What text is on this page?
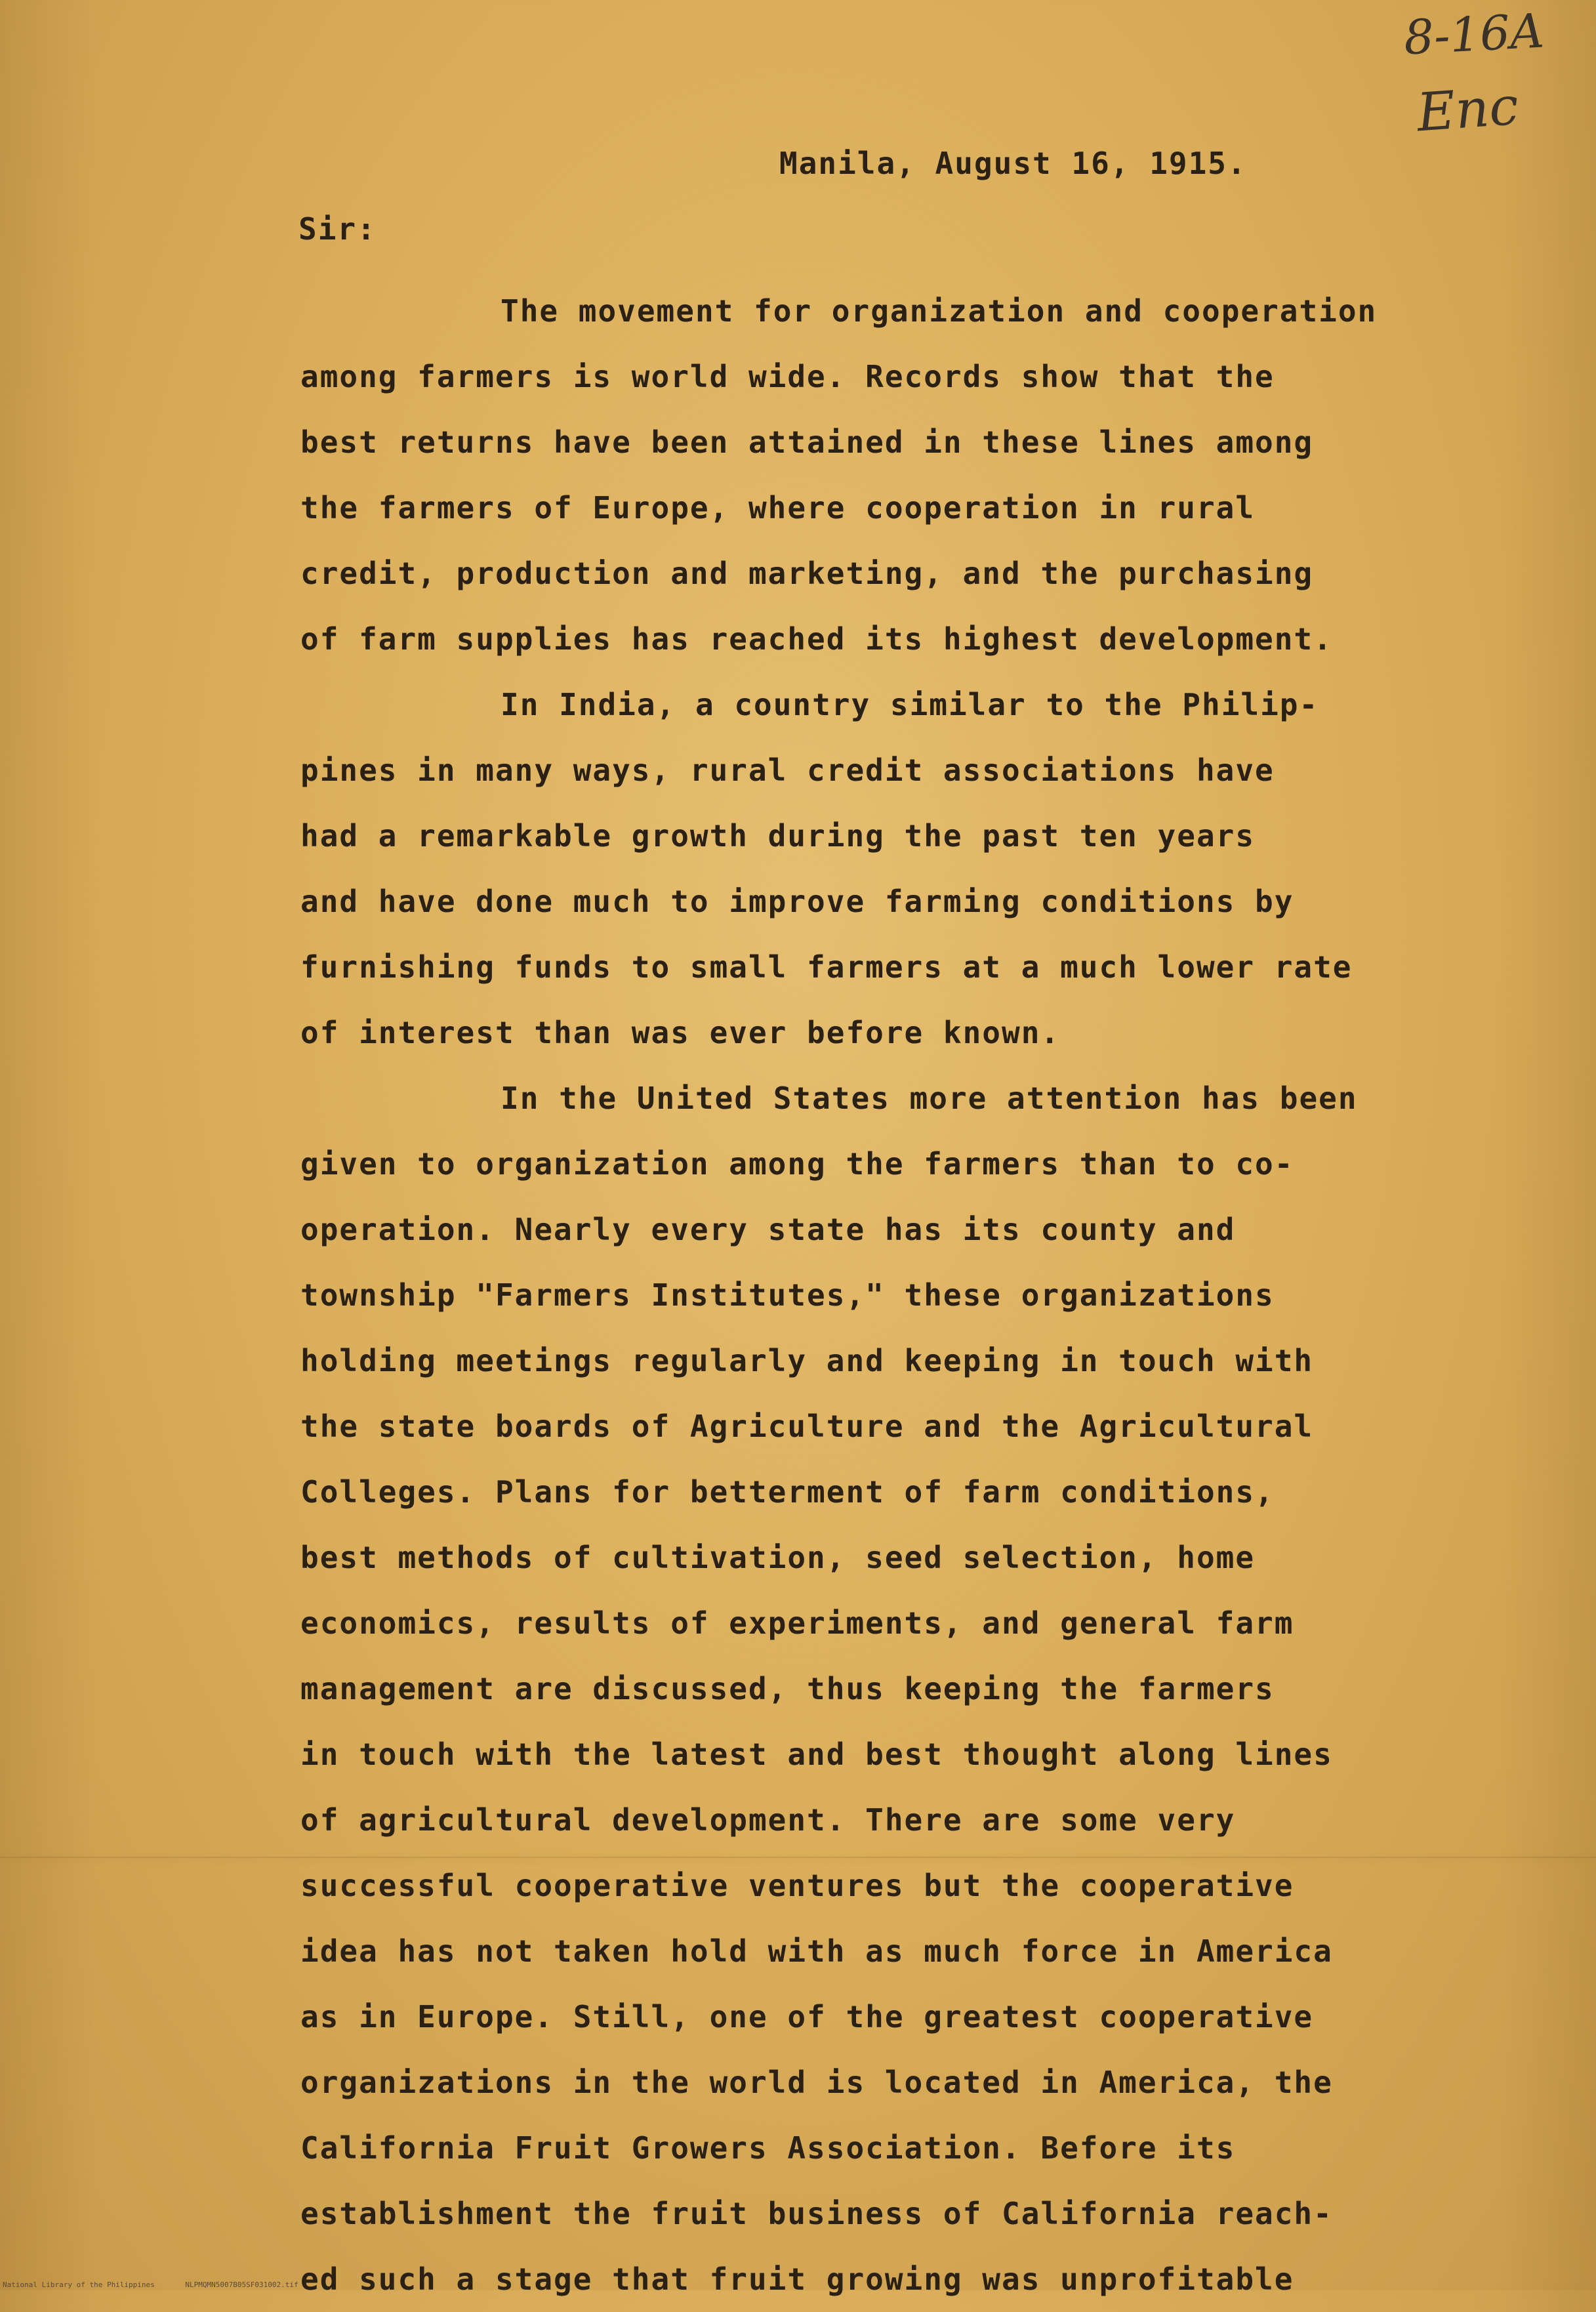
8-16A
Enc
Manila, August 16, 1915.
Sir:
The movement for organization and cooperation
among farmers is world wide. Records show that the
best returns have been attained in these lines among
the farmers of Europe, where cooperation in rural
credit, production and marketing, and the purchasing
of farm supplies has reached its highest development.
In India, a country similar to the Philip-
pines in many ways, rural credit associations have
had a remarkable growth during the past ten years
and have done much to improve farming conditions by
furnishing funds to small farmers at a much lower rate
of interest than was ever before known.
In the United States more attention has been
given to organization among the farmers than to co-
operation. Nearly every state has its county and
township "Farmers Institutes," these organizations
holding meetings regularly and keeping in touch with
the state boards of Agriculture and the Agricultural
Colleges. Plans for betterment of farm conditions,
best methods of cultivation, seed selection, home
economics, results of experiments, and general farm
management are discussed, thus keeping the farmers
in touch with the latest and best thought along lines
of agricultural development. There are some very
successful cooperative ventures but the cooperative
idea has not taken hold with as much force in America
as in Europe. Still, one of the greatest cooperative
organizations in the world is located in America, the
California Fruit Growers Association. Before its
establishment the fruit business of California reach-
ed such a stage that fruit growing was unprofitable
National Library of the Philippines	NLPMQMN5007B05SF031002.tif
